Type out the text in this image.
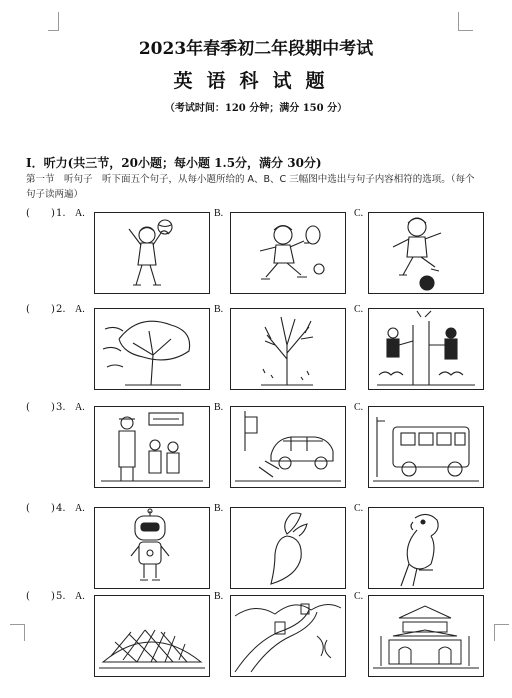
2023年春季初二年段期中考试
英语科试题
（考试时间：120 分钟；满分 150 分）
I．听力(共三节，20小题；每小题 1.5分，满分 30分)
第一节　听句子　听下面五个句子，从每小题所给的 A、B、C 三幅图中选出与句子内容相符的选项。（每个句子读两遍）
( ) 1. A.	B.	C.
( ) 2. A.	B.	C.
( ) 3. A.	B.	C.
( ) 4. A.	B.	C.
( ) 5. A.	B.	C.
